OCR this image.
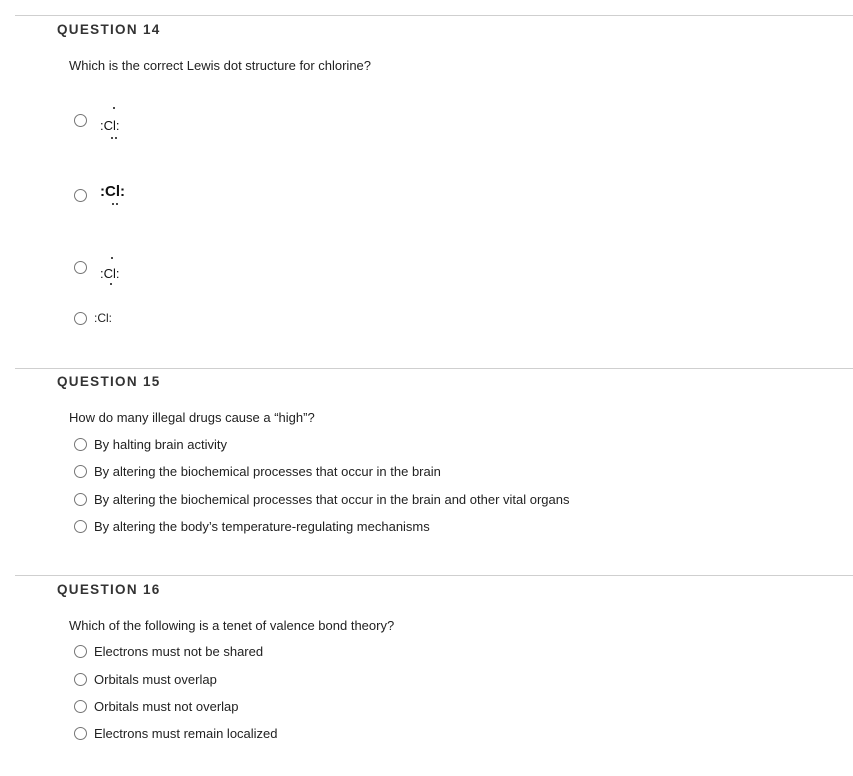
QUESTION 14
Which is the correct Lewis dot structure for chlorine?
:Cl:
:Cl:
:Cl:
:Cl:
QUESTION 15
How do many illegal drugs cause a “high”?
By halting brain activity
By altering the biochemical processes that occur in the brain
By altering the biochemical processes that occur in the brain and other vital organs
By altering the body’s temperature-regulating mechanisms
QUESTION 16
Which of the following is a tenet of valence bond theory?
Electrons must not be shared
Orbitals must overlap
Orbitals must not overlap
Electrons must remain localized
